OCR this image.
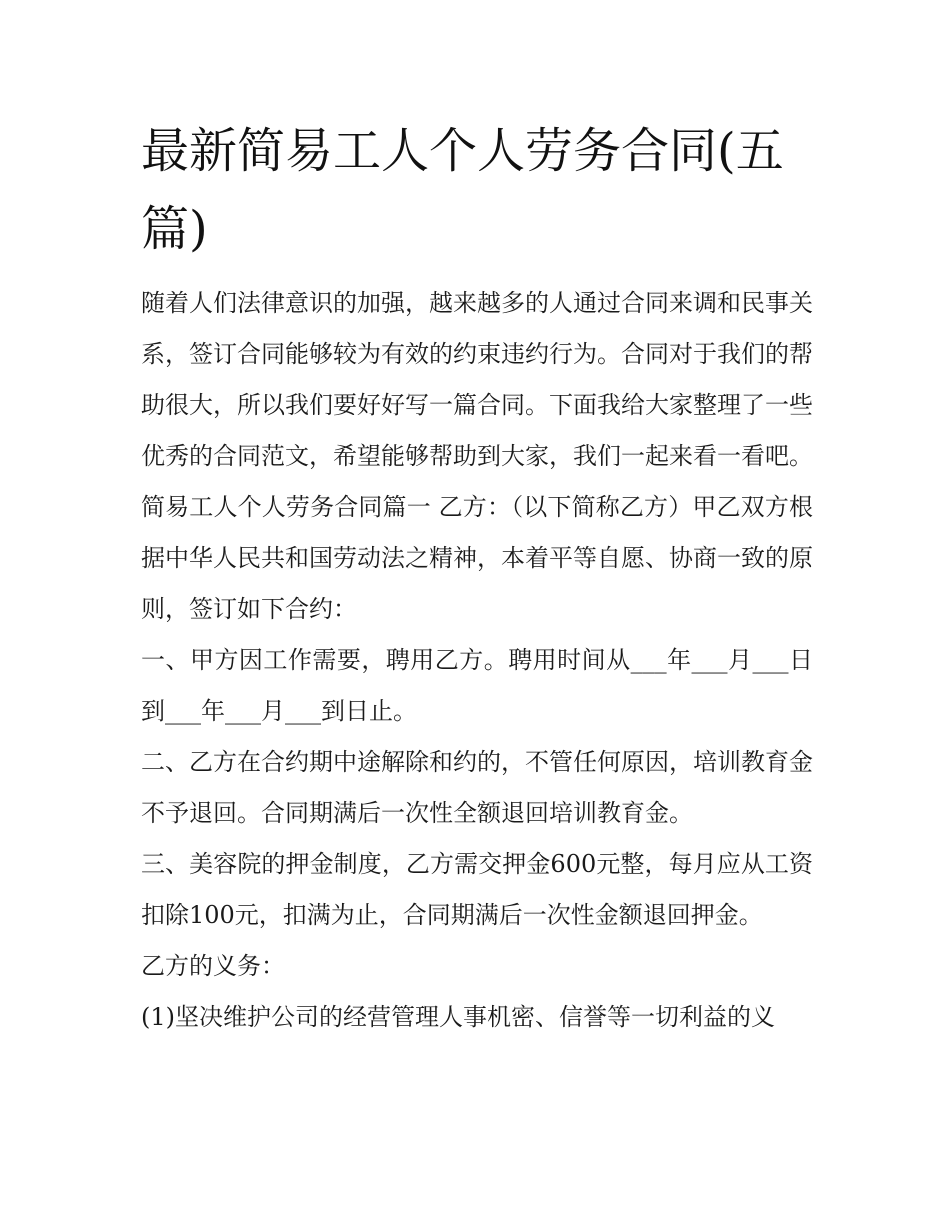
最新简易工人个人劳务合同(五篇)

随着人们法律意识的加强，越来越多的人通过合同来调和民事关系，签订合同能够较为有效的约束违约行为。合同对于我们的帮助很大，所以我们要好好写一篇合同。下面我给大家整理了一些优秀的合同范文，希望能够帮助到大家，我们一起来看一看吧。

简易工人个人劳务合同篇一 乙方：（以下简称乙方）甲乙双方根据中华人民共和国劳动法之精神，本着平等自愿、协商一致的原则，签订如下合约：

一、甲方因工作需要，聘用乙方。聘用时间从___年___月___日到___年___月___到日止。

二、乙方在合约期中途解除和约的，不管任何原因，培训教育金不予退回。合同期满后一次性全额退回培训教育金。

三、美容院的押金制度，乙方需交押金600元整，每月应从工资扣除100元，扣满为止，合同期满后一次性金额退回押金。

乙方的义务：

(1)坚决维护公司的经营管理人事机密、信誉等一切利益的义
